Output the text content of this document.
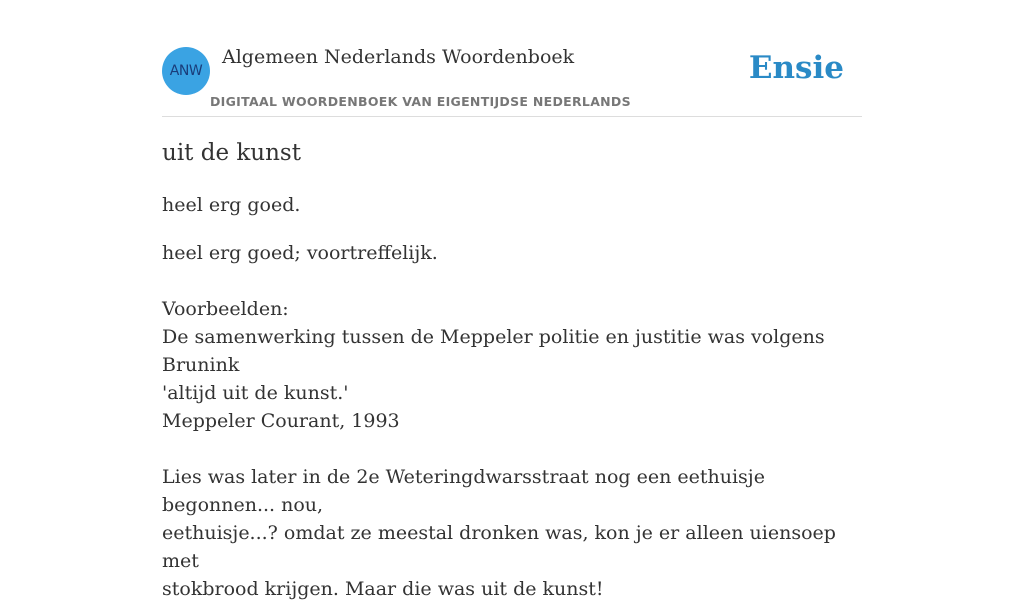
ANW
Algemeen Nederlands Woordenboek
DIGITAAL WOORDENBOEK VAN EIGENTIJDSE NEDERLANDS
Ensie
uit de kunst
heel erg goed.

heel erg goed; voortreffelijk.

Voorbeelden:

De samenwerking tussen de Meppeler politie en justitie was volgens Brunink

'altijd uit de kunst.'

Meppeler Courant, 1993

Lies was later in de 2e Weteringdwarsstraat nog een eethuisje begonnen... nou,

eethuisje...? omdat ze meestal dronken was, kon je er alleen uiensoep met

stokbrood krijgen. Maar die was uit de kunst!
